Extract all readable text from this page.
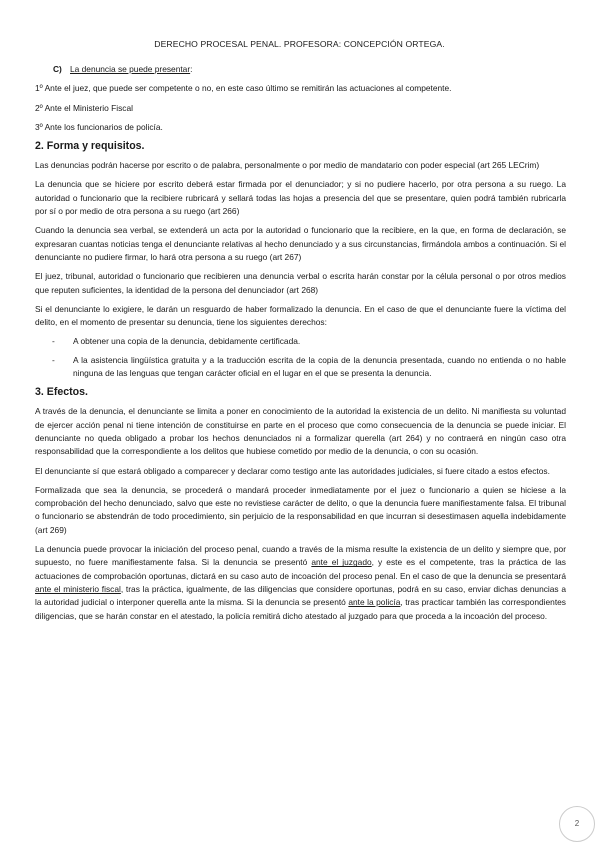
DERECHO PROCESAL PENAL. PROFESORA: CONCEPCIÓN ORTEGA.
C) La denuncia se puede presentar:
1º Ante el juez, que puede ser competente o no, en este caso último se remitirán las actuaciones al competente.
2º Ante el Ministerio Fiscal
3º Ante los funcionarios de policía.
2. Forma y requisitos.

Las denuncias podrán hacerse por escrito o de palabra, personalmente o por medio de mandatario con poder especial (art 265 LECrim)

La denuncia que se hiciere por escrito deberá estar firmada por el denunciador; y si no pudiere hacerlo, por otra persona a su ruego. La autoridad o funcionario que la recibiere rubricará y sellará todas las hojas a presencia del que se presentare, quien podrá también rubricarla por sí o por medio de otra persona a su ruego (art 266)

Cuando la denuncia sea verbal, se extenderá un acta por la autoridad o funcionario que la recibiere, en la que, en forma de declaración, se expresaran cuantas noticias tenga el denunciante relativas al hecho denunciado y a sus circunstancias, firmándola ambos a continuación. Si el denunciante no pudiere firmar, lo hará otra persona a su ruego (art 267)

El juez, tribunal, autoridad o funcionario que recibieren una denuncia verbal o escrita harán constar por la célula personal o por otros medios que reputen suficientes, la identidad de la persona del denunciador (art 268)

Si el denunciante lo exigiere, le darán un resguardo de haber formalizado la denuncia. En el caso de que el denunciante fuere la víctima del delito, en el momento de presentar su denuncia, tiene los siguientes derechos:

- A obtener una copia de la denuncia, debidamente certificada.
- A la asistencia lingüística gratuita y a la traducción escrita de la copia de la denuncia presentada, cuando no entienda o no hable ninguna de las lenguas que tengan carácter oficial en el lugar en el que se presenta la denuncia.
3. Efectos.

A través de la denuncia, el denunciante se limita a poner en conocimiento de la autoridad la existencia de un delito. Ni manifiesta su voluntad de ejercer acción penal ni tiene intención de constituirse en parte en el proceso que como consecuencia de la denuncia se puede iniciar. El denunciante no queda obligado a probar los hechos denunciados ni a formalizar querella (art 264) y no contraerá en ningún caso otra responsabilidad que la correspondiente a los delitos que hubiese cometido por medio de la denuncia, o con su ocasión.

El denunciante sí que estará obligado a comparecer y declarar como testigo ante las autoridades judiciales, si fuere citado a estos efectos.

Formalizada que sea la denuncia, se procederá o mandará proceder inmediatamente por el juez o funcionario a quien se hiciese a la comprobación del hecho denunciado, salvo que este no revistiese carácter de delito, o que la denuncia fuere manifiestamente falsa. El tribunal o funcionario se abstendrán de todo procedimiento, sin perjuicio de la responsabilidad en que incurran si desestimasen aquella indebidamente (art 269)

La denuncia puede provocar la iniciación del proceso penal, cuando a través de la misma resulte la existencia de un delito y siempre que, por supuesto, no fuere manifiestamente falsa. Si la denuncia se presentó ante el juzgado, y este es el competente, tras la práctica de las actuaciones de comprobación oportunas, dictará en su caso auto de incoación del proceso penal. En el caso de que la denuncia se presentará ante el ministerio fiscal, tras la práctica, igualmente, de las diligencias que considere oportunas, podrá en su caso, enviar dichas denuncias a la autoridad judicial o interponer querella ante la misma. Si la denuncia se presentó ante la policía, tras practicar también las correspondientes diligencias, que se harán constar en el atestado, la policía remitirá dicho atestado al juzgado para que proceda a la incoación del proceso.

2
